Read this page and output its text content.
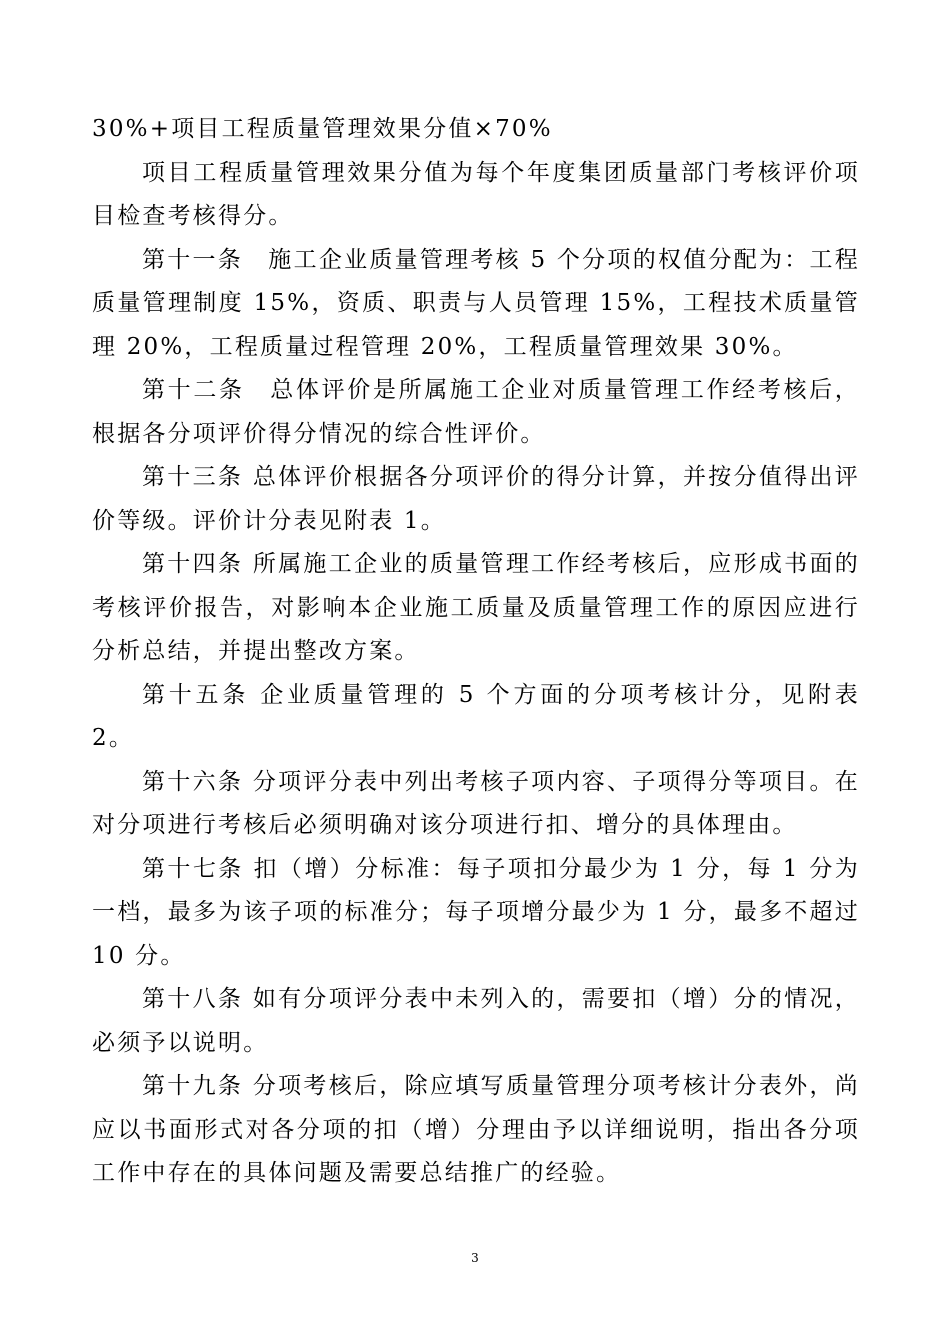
30%+项目工程质量管理效果分值×70%

项目工程质量管理效果分值为每个年度集团质量部门考核评价项目检查考核得分。

第十一条　施工企业质量管理考核 5 个分项的权值分配为：工程质量管理制度 15%，资质、职责与人员管理 15%，工程技术质量管理 20%，工程质量过程管理 20%，工程质量管理效果 30%。

第十二条　总体评价是所属施工企业对质量管理工作经考核后，根据各分项评价得分情况的综合性评价。

第十三条 总体评价根据各分项评价的得分计算，并按分值得出评价等级。评价计分表见附表 1。

第十四条 所属施工企业的质量管理工作经考核后，应形成书面的考核评价报告，对影响本企业施工质量及质量管理工作的原因应进行分析总结，并提出整改方案。

第十五条 企业质量管理的 5 个方面的分项考核计分，见附表 2。

第十六条 分项评分表中列出考核子项内容、子项得分等项目。在对分项进行考核后必须明确对该分项进行扣、增分的具体理由。

第十七条 扣（增）分标准：每子项扣分最少为 1 分，每 1 分为一档，最多为该子项的标准分；每子项增分最少为 1 分，最多不超过 10 分。

第十八条 如有分项评分表中未列入的，需要扣（增）分的情况，必须予以说明。

第十九条 分项考核后，除应填写质量管理分项考核计分表外，尚应以书面形式对各分项的扣（增）分理由予以详细说明，指出各分项工作中存在的具体问题及需要总结推广的经验。

3
